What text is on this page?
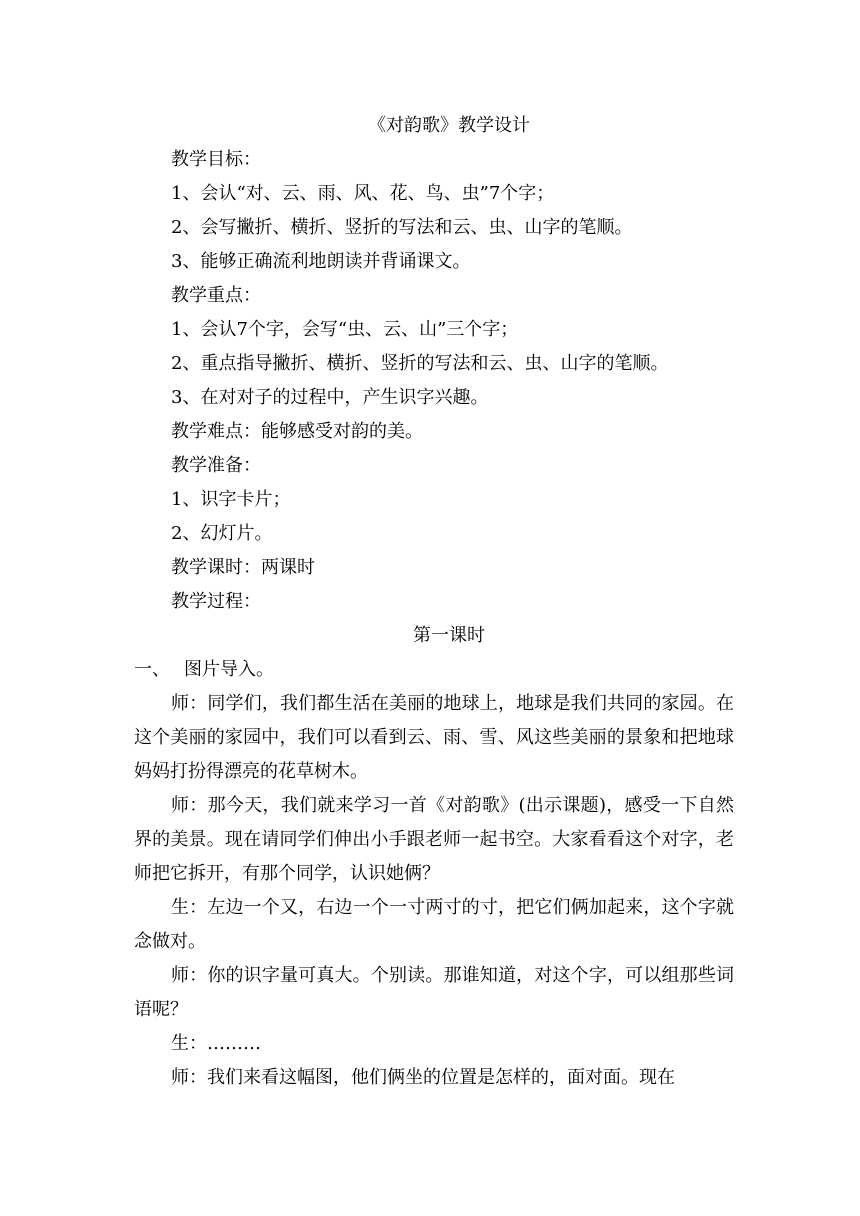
《对韵歌》教学设计

教学目标：

1、会认“对、云、雨、风、花、鸟、虫”7个字；

2、会写撇折、横折、竖折的写法和云、虫、山字的笔顺。

3、能够正确流利地朗读并背诵课文。

教学重点：

1、会认7个字，会写“虫、云、山”三个字；

2、重点指导撇折、横折、竖折的写法和云、虫、山字的笔顺。

3、在对对子的过程中，产生识字兴趣。

教学难点：能够感受对韵的美。

教学准备：

1、识字卡片；

2、幻灯片。

教学课时：两课时

教学过程：

第一课时

一、 图片导入。

师：同学们，我们都生活在美丽的地球上，地球是我们共同的家园。在这个美丽的家园中，我们可以看到云、雨、雪、风这些美丽的景象和把地球妈妈打扮得漂亮的花草树木。

师：那今天，我们就来学习一首《对韵歌》(出示课题)，感受一下自然界的美景。现在请同学们伸出小手跟老师一起书空。大家看看这个对字，老师把它拆开，有那个同学，认识她俩？

生：左边一个又，右边一个一寸两寸的寸，把它们俩加起来，这个字就念做对。

师：你的识字量可真大。个别读。那谁知道，对这个字，可以组那些词语呢？

生：………

师：我们来看这幅图，他们俩坐的位置是怎样的，面对面。现在
